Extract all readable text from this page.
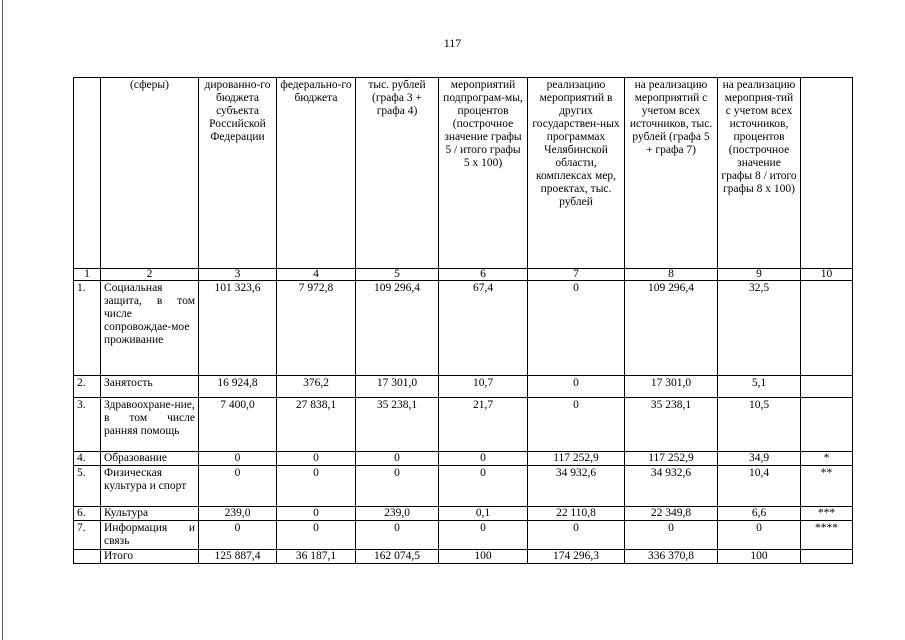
117
	(сферы)	дированно-го бюджета субъекта Российской Федерации	федерально-го бюджета	тыс. рублей (графа 3 + графа 4)	мероприятий подпрограм-мы, процентов (построчное значение графы 5 / итого графы 5 х 100)	реализацию мероприятий в других государствен-ных программах Челябинской области, комплексах мер, проектах, тыс. рублей	на реализацию мероприятий с учетом всех источников, тыс. рублей (графа 5 + графа 7)	на реализацию мероприя-тий с учетом всех источников, процентов (построчное значение графы 8 / итого графы 8 х 100)	
1	2	3	4	5	6	7	8	9	10
1.	Социальная защита, в том числе сопровождае-мое проживание	101 323,6	7 972,8	109 296,4	67,4	0	109 296,4	32,5	
2.	Занятость	16 924,8	376,2	17 301,0	10,7	0	17 301,0	5,1	
3.	Здравоохране-ние, в том числе ранняя помощь	7 400,0	27 838,1	35 238,1	21,7	0	35 238,1	10,5	
4.	Образование	0	0	0	0	117 252,9	117 252,9	34,9	*
5.	Физическая культура и спорт	0	0	0	0	34 932,6	34 932,6	10,4	**
6.	Культура	239,0	0	239,0	0,1	22 110,8	22 349,8	6,6	***
7.	Информация и связь	0	0	0	0	0	0	0	****
	Итого	125 887,4	36 187,1	162 074,5	100	174 296,3	336 370,8	100	
